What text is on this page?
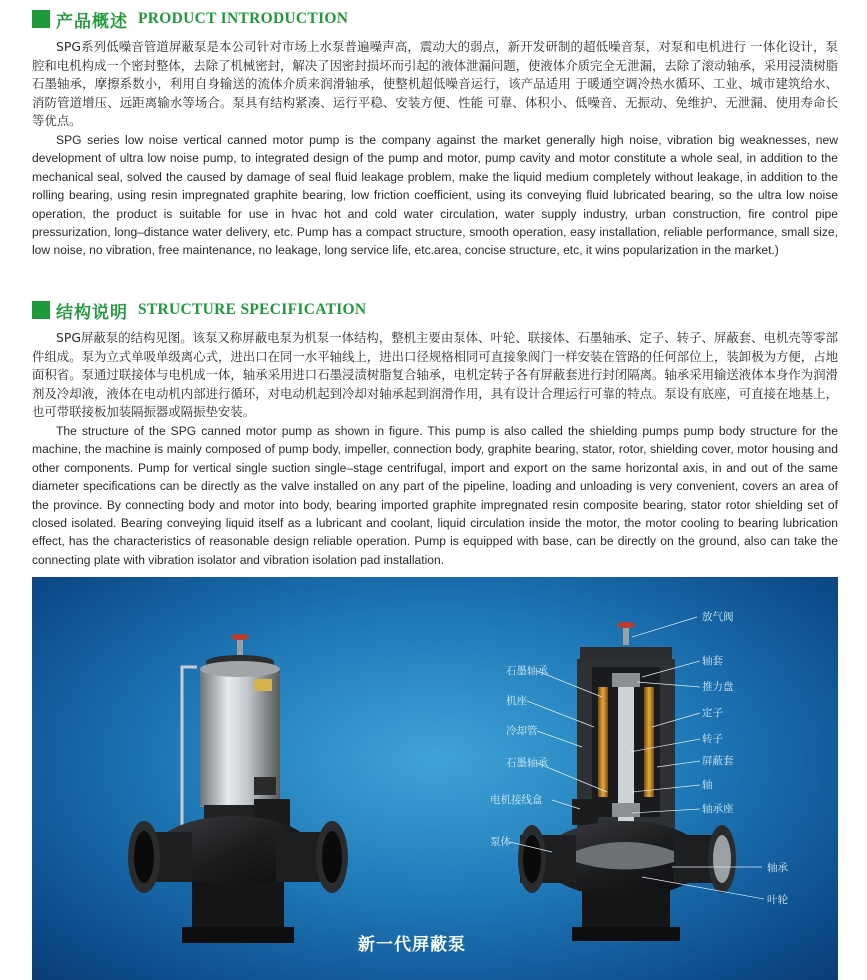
产品概述 PRODUCT INTRODUCTION

SPG系列低噪音管道屏蔽泵是本公司针对市场上水泵普遍噪声高，震动大的弱点，新开发研制的超低噪音泵，对泵和电机进行 一体化设计，泵腔和电机构成一个密封整体，去除了机械密封，解决了因密封损坏而引起的液体泄漏问题，使液体介质完全无泄漏，去除了滚动轴承，采用浸渍树脂石墨轴承，摩擦系数小，利用自身输送的流体介质来润滑轴承，使整机超低噪音运行，该产品适用 于暖通空调冷热水循环、工业、城市建筑给水、消防管道增压、远距离输水等场合。泵具有结构紧凑、运行平稳、安装方便、性能 可靠、体积小、低噪音、无振动、免维护、无泄漏、使用寿命长等优点。

SPG series low noise vertical canned motor pump is the company against the market generally high noise, vibration big weaknesses, new development of ultra low noise pump, to integrated design of the pump and motor, pump cavity and motor constitute a whole seal, in addition to the mechanical seal, solved the caused by damage of seal fluid leakage problem, make the liquid medium completely without leakage, in addition to the rolling bearing, using resin impregnated graphite bearing, low friction coefficient, using its conveying fluid lubricated bearing, so the ultra low noise operation, the product is suitable for use in hvac hot and cold water circulation, water supply industry, urban construction, fire control pipe pressurization, long–distance water delivery, etc. Pump has a compact structure, smooth operation, easy installation, reliable performance, small size, low noise, no vibration, free maintenance, no leakage, long service life, etc.area, concise structure, etc, it wins popularization in the market.)

结构说明 STRUCTURE SPECIFICATION

SPG屏蔽泵的结构见图。该泵又称屏蔽电泵为机泵一体结构，整机主要由泵体、叶轮、联接体、石墨轴承、定子、转子、屏蔽套、电机壳等零部件组成。泵为立式单吸单级离心式，进出口在同一水平轴线上，进出口径规格相同可直接象阀门一样安装在管路的任何部位上，装卸极为方便，占地面积省。泵通过联接体与电机成一体，轴承采用进口石墨浸渍树脂复合轴承，电机定转子各有屏蔽套进行封闭隔离。轴承采用输送液体本身作为润滑剂及冷却液，液体在电动机内部进行循环，对电动机起到冷却对轴承起到润滑作用，具有设计合理运行可靠的特点。泵设有底座，可直接在地基上，也可带联接板加装隔振器或隔振垫安装。

The structure of the SPG canned motor pump as shown in figure. This pump is also called the shielding pumps pump body structure for the machine, the machine is mainly composed of pump body, impeller, connection body, graphite bearing, stator, rotor, shielding cover, motor housing and other components. Pump for vertical single suction single–stage centrifugal, import and export on the same horizontal axis, in and out of the same diameter specifications can be directly as the valve installed on any part of the pipeline, loading and unloading is very convenient, covers an area of the province. By connecting body and motor into body, bearing imported graphite impregnated resin composite bearing, stator rotor shielding set of closed isolated. Bearing conveying liquid itself as a lubricant and coolant, liquid circulation inside the motor, the motor cooling to bearing lubrication effect, has the characteristics of reasonable design reliable operation. Pump is equipped with base, can be directly on the ground, also can take the connecting plate with vibration isolator and vibration isolation pad installation.

石墨轴承
机座
冷却管
石墨轴承
电机接线盒
泵体
放气阀
轴套
推力盘
定子
转子
屏蔽套
轴
轴承座
轴承
叶轮
新一代屏蔽泵
